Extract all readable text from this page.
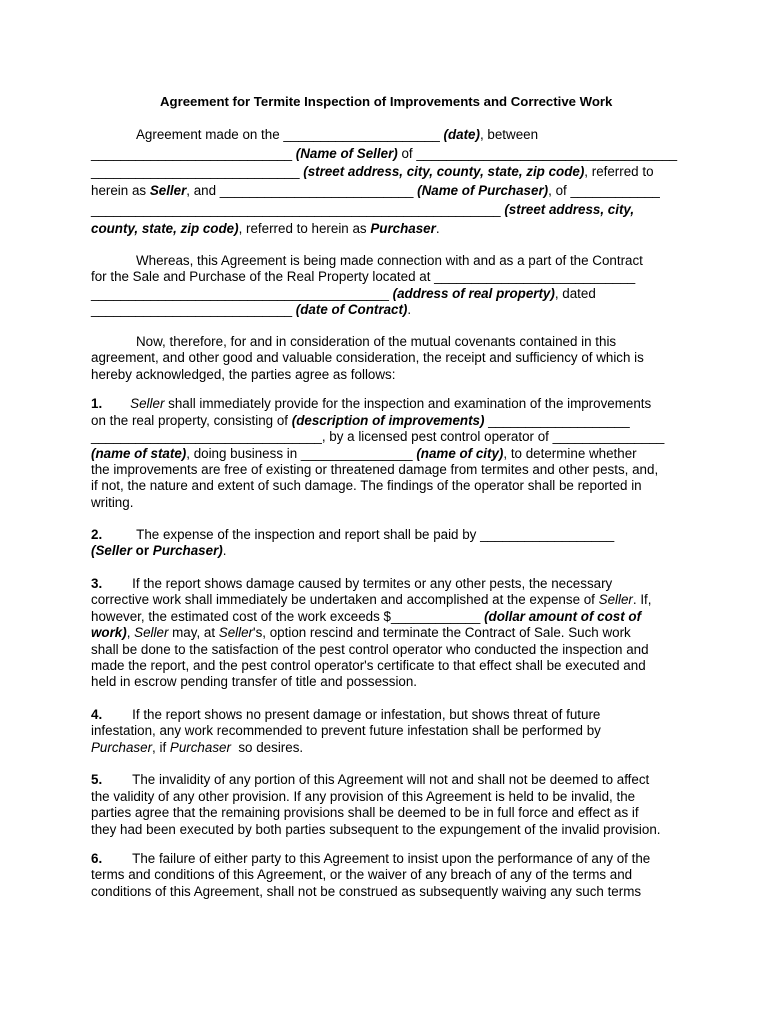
Agreement for Termite Inspection of Improvements and Corrective Work
Agreement made on the _____________________ (date), between
___________________________ (Name of Seller) of ___________________________________
____________________________ (street address, city, county, state, zip code), referred to
herein as Seller, and __________________________ (Name of Purchaser), of ____________
_______________________________________________________ (street address, city,
county, state, zip code), referred to herein as Purchaser.
Whereas, this Agreement is being made connection with and as a part of the Contract
for the Sale and Purchase of the Real Property located at ___________________________
________________________________________ (address of real property), dated
___________________________ (date of Contract).
Now, therefore, for and in consideration of the mutual covenants contained in this
agreement, and other good and valuable consideration, the receipt and sufficiency of which is
hereby acknowledged, the parties agree as follows:
1. Seller shall immediately provide for the inspection and examination of the improvements
on the real property, consisting of (description of improvements) ___________________
_______________________________, by a licensed pest control operator of _______________
(name of state), doing business in _______________ (name of city), to determine whether
the improvements are free of existing or threatened damage from termites and other pests, and,
if not, the nature and extent of such damage. The findings of the operator shall be reported in
writing.
2.	The expense of the inspection and report shall be paid by __________________
(Seller or Purchaser).
3. If the report shows damage caused by termites or any other pests, the necessary
corrective work shall immediately be undertaken and accomplished at the expense of Seller. If,
however, the estimated cost of the work exceeds $____________ (dollar amount of cost of
work), Seller may, at Seller's, option rescind and terminate the Contract of Sale. Such work
shall be done to the satisfaction of the pest control operator who conducted the inspection and
made the report, and the pest control operator's certificate to that effect shall be executed and
held in escrow pending transfer of title and possession.
4. If the report shows no present damage or infestation, but shows threat of future
infestation, any work recommended to prevent future infestation shall be performed by
Purchaser, if Purchaser  so desires.
5. The invalidity of any portion of this Agreement will not and shall not be deemed to affect
the validity of any other provision. If any provision of this Agreement is held to be invalid, the
parties agree that the remaining provisions shall be deemed to be in full force and effect as if
they had been executed by both parties subsequent to the expungement of the invalid provision.
6. The failure of either party to this Agreement to insist upon the performance of any of the
terms and conditions of this Agreement, or the waiver of any breach of any of the terms and
conditions of this Agreement, shall not be construed as subsequently waiving any such terms
